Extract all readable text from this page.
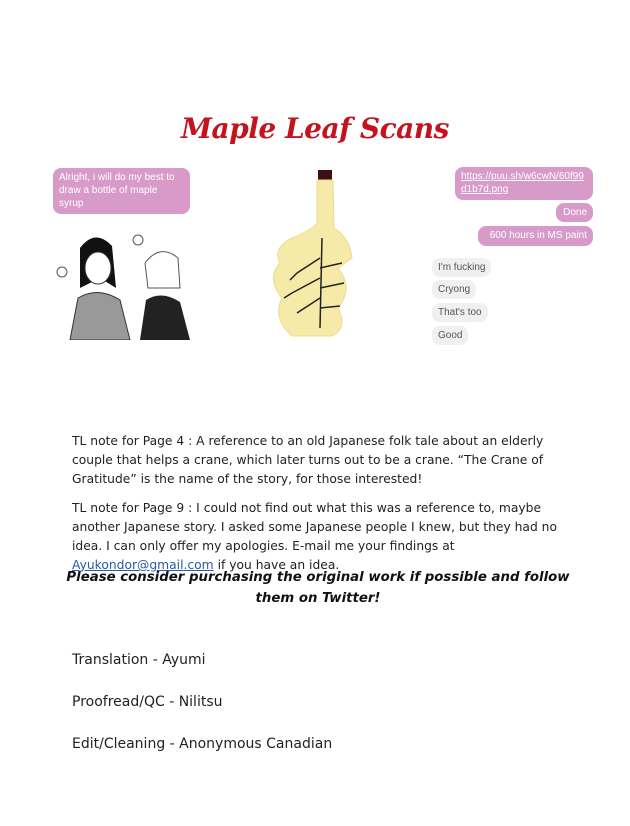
Maple Leaf Scans
Alright, i will do my best to draw a bottle of maple syrup
https://puu.sh/w6cwN/60f99d1b7d.png
Done
600 hours in MS paint
I'm fucking
Cryong
That's too
Good
TL note for Page 4 : A reference to an old Japanese folk tale about an elderly couple that helps a crane, which later turns out to be a crane. “The Crane of Gratitude” is the name of the story, for those interested!
TL note for Page 9 : I could not find out what this was a reference to, maybe another Japanese story. I asked some Japanese people I knew, but they had no idea. I can only offer my apologies. E-mail me your findings at Ayukondor@gmail.com if you have an idea.
Please consider purchasing the original work if possible and follow them on Twitter!
Translation - Ayumi
Proofread/QC - Nilitsu
Edit/Cleaning - Anonymous Canadian
